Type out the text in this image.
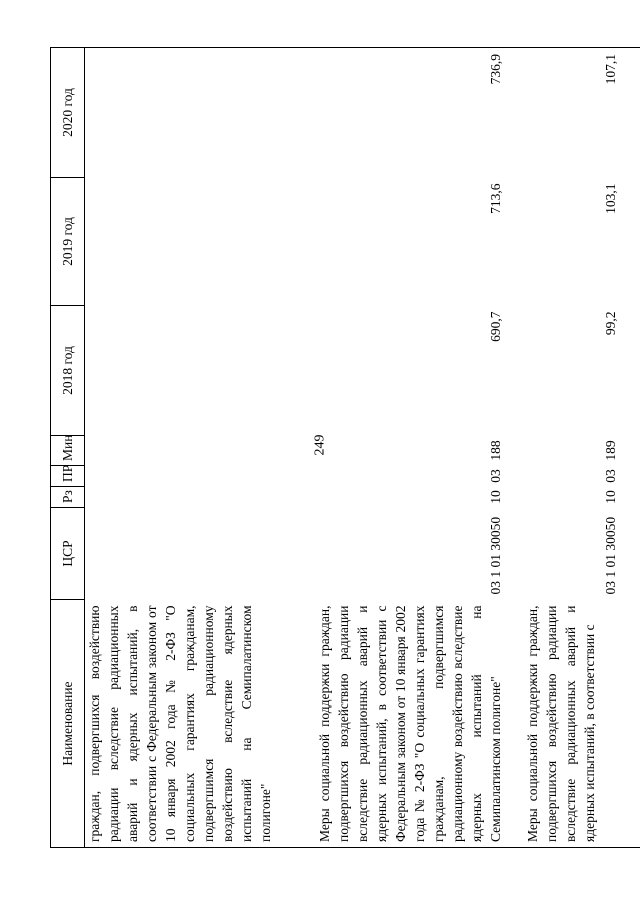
249
Наименование	ЦСР	Рз	ПР	Мин	2018 год	2019 год	2020 год
граждан, подвергшихся воздействию радиации вследствие радиационных аварий и ядерных испытаний, в соответствии с Федеральным законом от 10 января 2002 года № 2-ФЗ "О социальных гарантиях гражданам, подвергшимся радиационному воздействию вследствие ядерных испытаний на Семипалатинском полигоне"							
Меры социальной поддержки граждан, подвергшихся воздействию радиации вследствие радиационных аварий и ядерных испытаний, в соответствии с Федеральным законом от 10 января 2002 года № 2-ФЗ "О социальных гарантиях гражданам, подвергшимся радиационному воздействию вследствие ядерных испытаний на Семипалатинском полигоне"	03 1 01 30050	10	03	188	690,7	713,6	736,9
Меры социальной поддержки граждан, подвергшихся воздействию радиации вследствие радиационных аварий и ядерных испытаний, в соответствии с	03 1 01 30050	10	03	189	99,2	103,1	107,1
